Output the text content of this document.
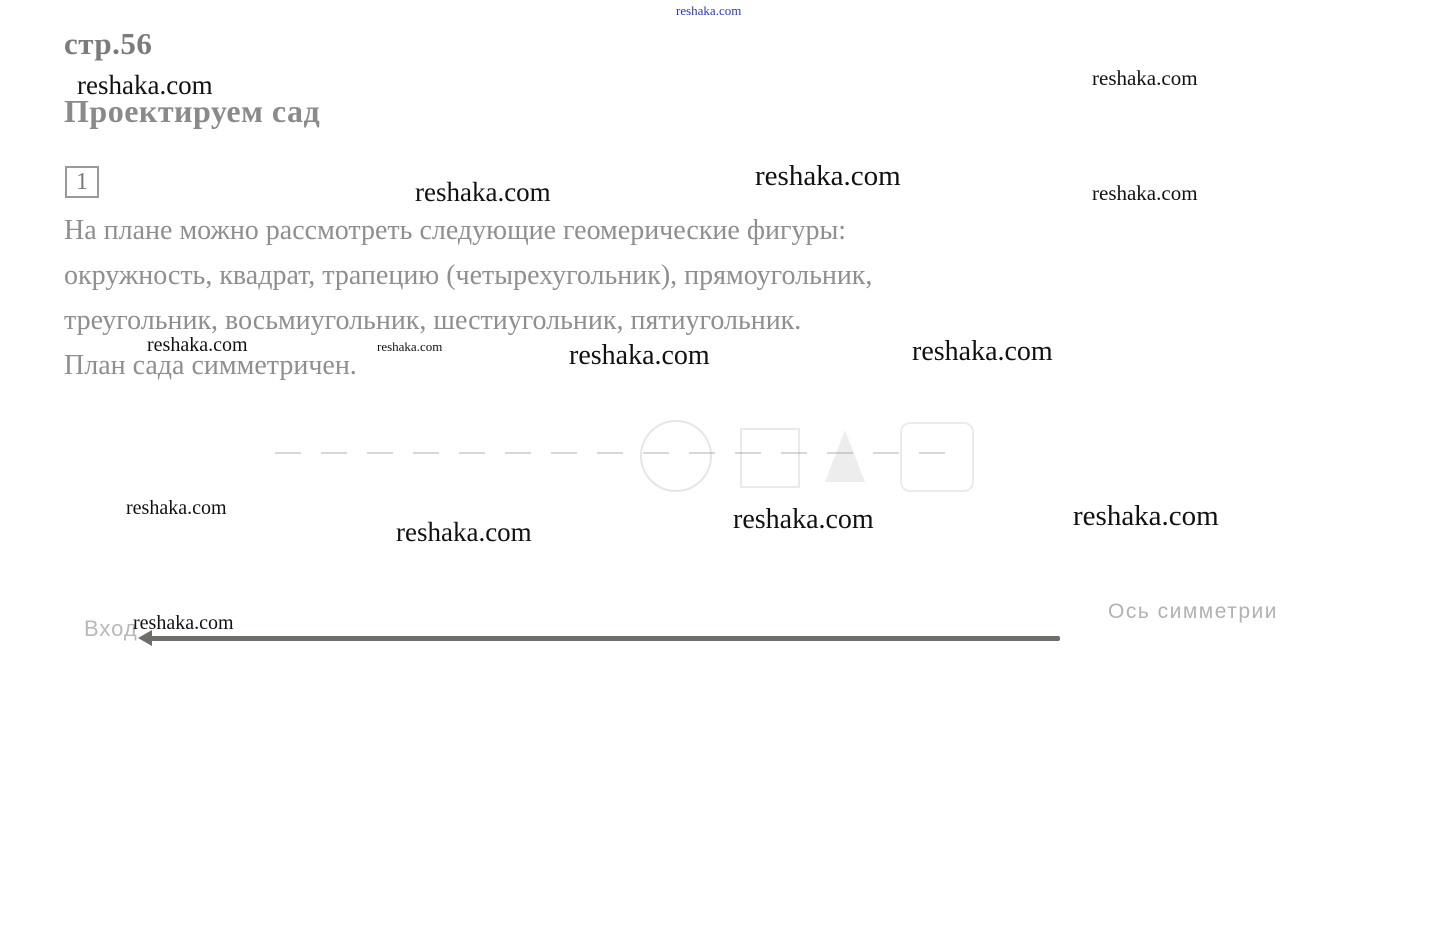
стр.56
Проектируем сад
1
На плане можно рассмотреть следующие геомерические фигуры:
окружность, квадрат, трапецию (четырехугольник), прямоугольник,
треугольник, восьмиугольник, шестиугольник, пятиугольник.
План сада симметричен.
Ось симметрии
Вход
reshaka.com
reshaka.com
reshaka.com
reshaka.com
reshaka.com	reshaka.com
reshaka.com	reshaka.com	reshaka.com	reshaka.com
reshaka.com
reshaka.com	reshaka.com	reshaka.com
reshaka.com
